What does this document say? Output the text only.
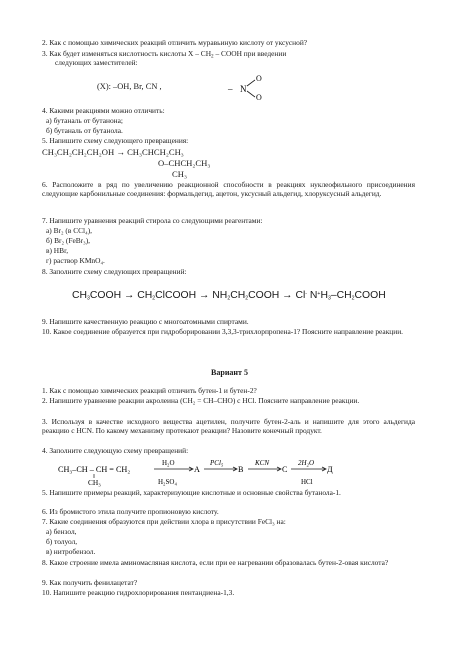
2. Как с помощью химических реакций отличить муравьиную кислоту от уксусной?
3. Как будет изменяться кислотность кислоты X – $CH_2$ – COOH при введении
следующих заместителей:
(X): –OH, Br, CN ,	– N
O
O
4. Какими реакциями можно отличить:
а) бутаналь от бутанона;
б) бутаналь от бутанола.
5. Напишите схему следующего превращения:
CH₃CH₂CH₂CH₂OH → CH₃CHCH₂CH₃
O–CHCH₂CH₃
CH₃
6. Расположите в ряд по увеличению реакционной способности в реакциях нуклеофильного присоединения следующие карбонильные соединения: формальдегид, ацетон, уксусный альдегид, хлоруксусный альдегид.
7. Напишите уравнения реакций стирола со следующими реагентами:
а) Br₂ (в CCl₄),
б) Br₂ (FeBr₃),
в) HBr,
г) раствор KMnO₄.
8. Заполните схему следующих превращений:
$CH_3COOH$ → $CH_2ClCOOH$ → $NH_2CH_2COOH \to Cl^-$ $N^+H_3-CH_2COOH$
9. Напишите качественную реакцию с многоатомными спиртами.
10. Какое соединение образуется при гидроборировании 3,3,3-трихлорпропена-1? Поясните направление реакции.
Вариант 5
1. Как с помощью химических реакций отличить бутен-1 и бутен-2?
2. Напишите уравнение реакции акролеина (CH₂ = CH–CHO) с HCl. Поясните направление реакции.
3. Используя в качестве исходного вещества ацетилен, получите бутен-2-аль и напишите для этого альдегида реакцию с HCN. По какому механизму протекают реакции? Назовите конечный продукт.
4. Заполните следующую схему превращений:
CH₃–CH – CH = CH₂
CH₃
H₂O
H₂SO₄
A
PCl₅
B
KCN
C
2H₂O
HCl
Д
5. Напишите примеры реакций, характеризующие кислотные и основные свойства бутанола-1.
6. Из бромистого этила получите пропионовую кислоту.
7. Какие соединения образуются при действии хлора в присутствии FeCl₃ на:
а) бензол,
б) толуол,
в) нитробензол.
8. Какое строение имела аминомасляная кислота, если при ее нагревании образовалась бутен-2-овая кислота?
9. Как получить фенилацетат?
10. Напишите реакцию гидрохлорирования пентандиена-1,3.
